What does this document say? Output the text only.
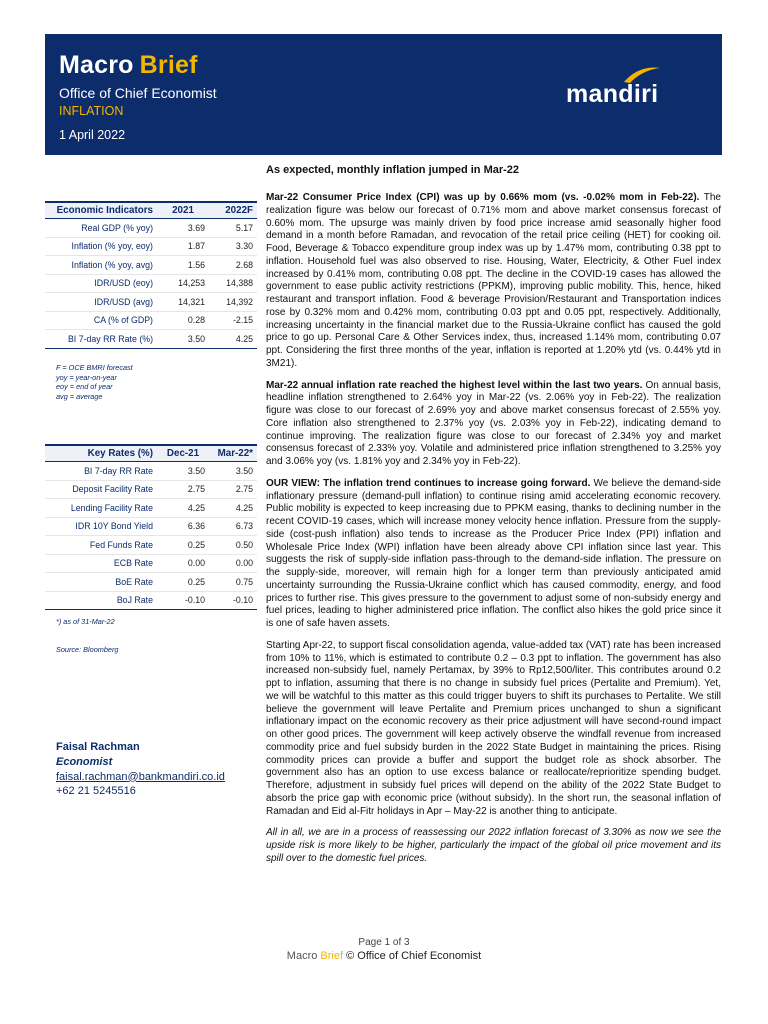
Macro Brief
Office of Chief Economist
INFLATION
1 April 2022
mandiri
As expected, monthly inflation jumped in Mar-22
Economic Indicators	2021	2022F
Real GDP (% yoy)	3.69	5.17
Inflation (% yoy, eoy)	1.87	3.30
Inflation (% yoy, avg)	1.56	2.68
IDR/USD (eoy)	14,253	14,388
IDR/USD (avg)	14,321	14,392
CA (% of GDP)	0.28	-2.15
BI 7-day RR Rate (%)	3.50	4.25
F = OCE BMRI forecast
yoy = year-on-year
eoy = end of year
avg = average
Key Rates (%)	Dec-21	Mar-22*
BI 7-day RR Rate	3.50	3.50
Deposit Facility Rate	2.75	2.75
Lending Facility Rate	4.25	4.25
IDR 10Y Bond Yield	6.36	6.73
Fed Funds Rate	0.25	0.50
ECB Rate	0.00	0.00
BoE Rate	0.25	0.75
BoJ Rate	-0.10	-0.10
*) as of 31-Mar-22
Source: Bloomberg
Faisal Rachman
Economist
faisal.rachman@bankmandiri.co.id
+62 21 5245516

Mar-22 Consumer Price Index (CPI) was up by 0.66% mom (vs. -0.02% mom in Feb-22). The realization figure was below our forecast of 0.71% mom and above market consensus forecast of 0.60% mom. The upsurge was mainly driven by food price increase amid seasonally higher food demand in a month before Ramadan, and revocation of the retail price ceiling (HET) for cooking oil. Food, Beverage & Tobacco expenditure group index was up by 1.47% mom, contributing 0.38 ppt to inflation. Household fuel was also observed to rise. Housing, Water, Electricity, & Other Fuel index increased by 0.41% mom, contributing 0.08 ppt. The decline in the COVID-19 cases has allowed the government to ease public activity restrictions (PPKM), improving public mobility. This, hence, hiked restaurant and transport inflation. Food & beverage Provision/Restaurant and Transportation indices rose by 0.32% mom and 0.42% mom, contributing 0.03 ppt and 0.05 ppt, respectively. Additionally, increasing uncertainty in the financial market due to the Russia-Ukraine conflict has caused the gold price to go up. Personal Care & Other Services index, thus, increased 1.14% mom, contributing 0.07 ppt. Considering the first three months of the year, inflation is reported at 1.20% ytd (vs. 0.44% ytd in 3M21).

Mar-22 annual inflation rate reached the highest level within the last two years. On annual basis, headline inflation strengthened to 2.64% yoy in Mar-22 (vs. 2.06% yoy in Feb-22). The realization figure was close to our forecast of 2.69% yoy and above market consensus forecast of 2.55% yoy. Core inflation also strengthened to 2.37% yoy (vs. 2.03% yoy in Feb-22), indicating demand to continue improving. The realization figure was close to our forecast of 2.34% yoy and market consensus forecast of 2.33% yoy. Volatile and administered price inflation strengthened to 3.25% yoy and 3.06% yoy (vs. 1.81% yoy and 2.34% yoy in Feb-22).

OUR VIEW: The inflation trend continues to increase going forward. We believe the demand-side inflationary pressure (demand-pull inflation) to continue rising amid accelerating economic recovery. Public mobility is expected to keep increasing due to PPKM easing, thanks to declining number in the recent COVID-19 cases, which will increase money velocity hence inflation. Pressure from the supply-side (cost-push inflation) also tends to increase as the Producer Price Index (PPI) inflation and Wholesale Price Index (WPI) inflation have been already above CPI inflation since last year. This suggests the risk of supply-side inflation pass-through to the demand-side inflation. The pressure on the supply-side, moreover, will remain high for a longer term than previously anticipated amid uncertainty surrounding the Russia-Ukraine conflict which has caused commodity, energy, and food prices to further rise. This gives pressure to the government to adjust some of non-subsidy energy and fuel prices, leading to higher administered price inflation. The conflict also hikes the gold price since it is one of safe haven assets.

Starting Apr-22, to support fiscal consolidation agenda, value-added tax (VAT) rate has been increased from 10% to 11%, which is estimated to contribute 0.2 – 0.3 ppt to inflation. The government has also increased non-subsidy fuel, namely Pertamax, by 39% to Rp12,500/liter. This contributes around 0.2 ppt to inflation, assuming that there is no change in subsidy fuel prices (Pertalite and Premium). Yet, we will be watchful to this matter as this could trigger buyers to shift its purchases to Pertalite. We still believe the government will leave Pertalite and Premium prices unchanged to shun a significant inflationary impact on the economic recovery as their price adjustment will have second-round impact on other good prices. The government will keep actively observe the windfall revenue from increased commodity price and fuel subsidy burden in the 2022 State Budget in maintaining the prices. Rising commodity prices can provide a buffer and support the budget role as shock absorber. The government also has an option to use excess balance or reallocate/reprioritize spending budget. Therefore, adjustment in subsidy fuel prices will depend on the ability of the 2022 State Budget to absorb the price gap with economic price (without subsidy). In the short run, the seasonal inflation of Ramadan and Eid al-Fitr holidays in Apr – May-22 is another thing to anticipate.

All in all, we are in a process of reassessing our 2022 inflation forecast of 3.30% as now we see the upside risk is more likely to be higher, particularly the impact of the global oil price movement and its spill over to the domestic fuel prices.

Page 1 of 3
Macro Brief © Office of Chief Economist
